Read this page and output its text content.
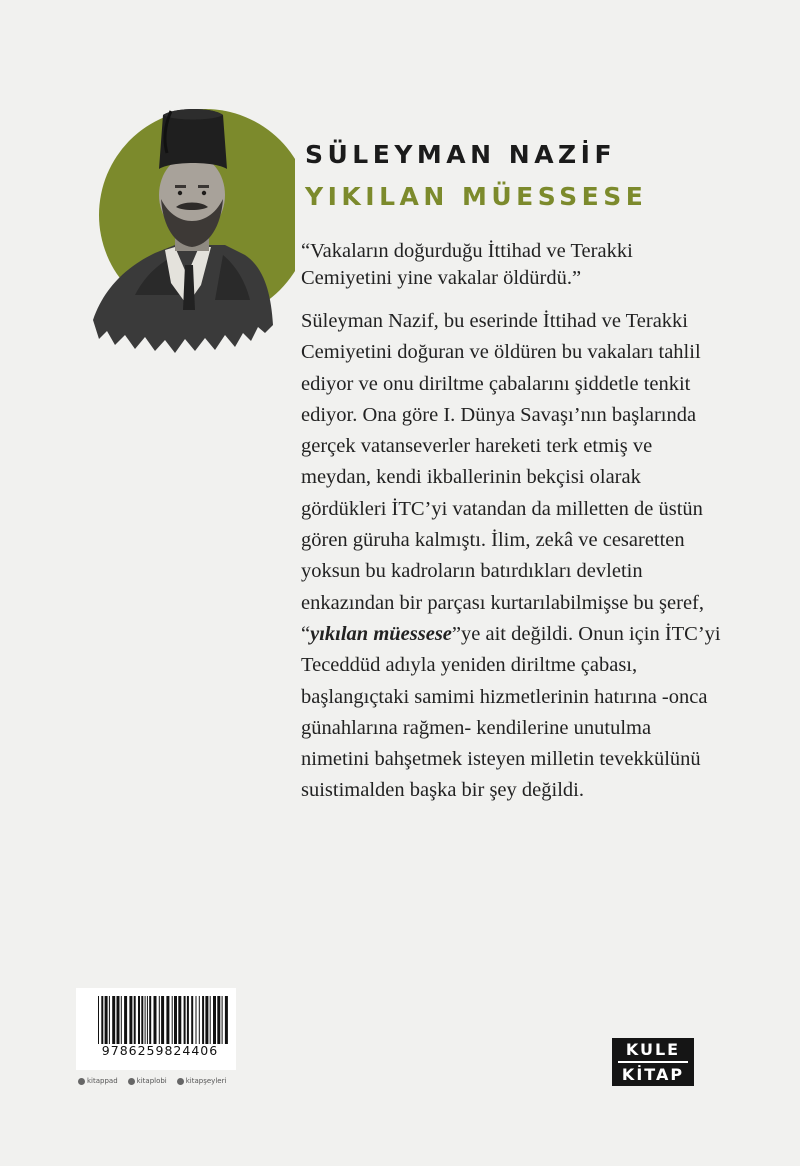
SÜLEYMAN NAZİF
YIKILAN MÜESSESE
“Vakaların doğurduğu İttihad ve Terakki Cemiyetini yine vakalar öldürdü.”

Süleyman Nazif, bu eserinde İttihad ve Terakki Cemiyetini doğuran ve öldüren bu vakaları tahlil ediyor ve onu diriltme çabalarını şiddetle tenkit ediyor. Ona göre I. Dünya Savaşı’nın başlarında gerçek vatanseverler hareketi terk etmiş ve meydan, kendi ikballerinin bekçisi olarak gördükleri İTC’yi vatandan da milletten de üstün gören güruha kalmıştı. İlim, zekâ ve cesaretten yoksun bu kadroların batırdıkları devletin enkazından bir parçası kurtarılabilmişse bu şeref, “yıkılan müessese”ye ait değildi. Onun için İTC’yi Teceddüd adıyla yeniden diriltme çabası, başlangıçtaki samimi hizmetlerinin hatırına -onca günahlarına rağmen- kendilerine unutulma nimetini bahşetmek isteyen milletin tevekkülünü suistimalden başka bir şey değildi.

9786259824406
kitappad	kitaplobi	kitapşeyleri
KULE
KİTAP
